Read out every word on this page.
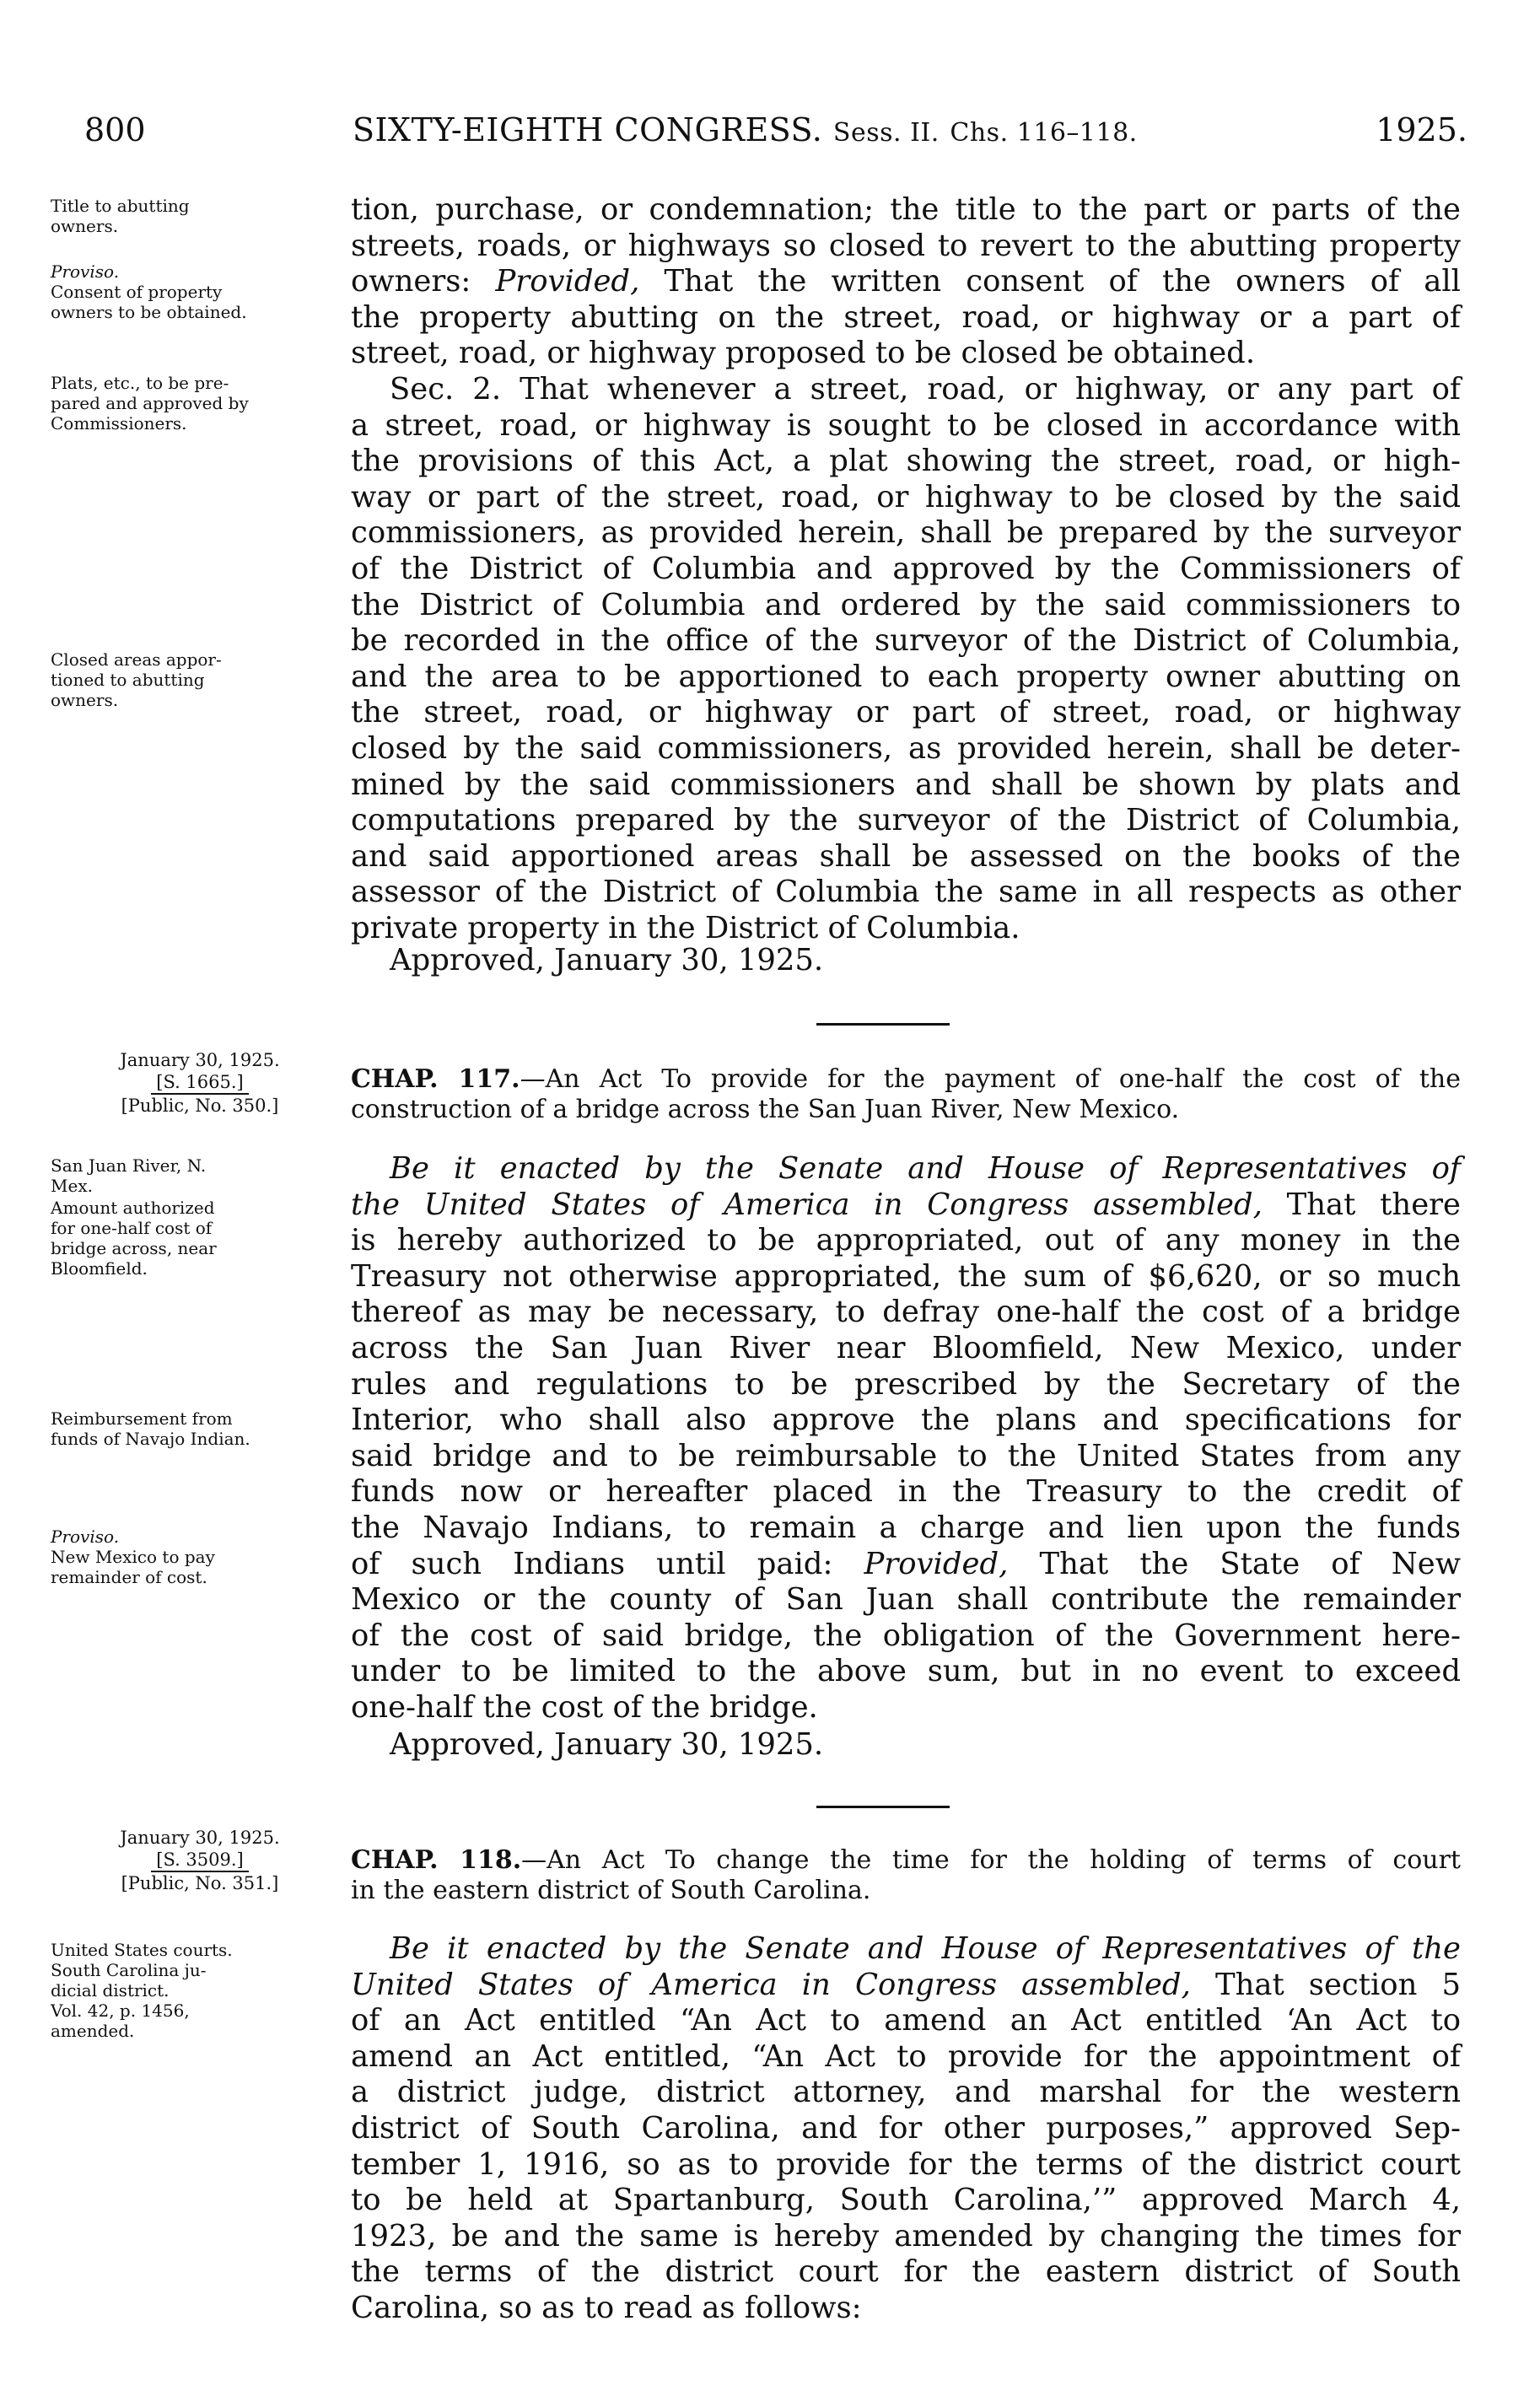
800	SIXTY-EIGHTH CONGRESS. Sess. II. Chs. 116–118.	1925.
Title to abutting
owners.
Proviso.
Consent of property
owners to be obtained.
Plats, etc., to be pre-
pared and approved by
Commissioners.
Closed areas appor-
tioned to abutting
owners.
tion, purchase, or condemnation; the title to the part or parts of the
streets, roads, or highways so closed to revert to the abutting property
owners: Provided, That the written consent of the owners of all
the property abutting on the street, road, or highway or a part of
street, road, or highway proposed to be closed be obtained.
Sec. 2. That whenever a street, road, or highway, or any part of
a street, road, or highway is sought to be closed in accordance with
the provisions of this Act, a plat showing the street, road, or high-
way or part of the street, road, or highway to be closed by the said
commissioners, as provided herein, shall be prepared by the surveyor
of the District of Columbia and approved by the Commissioners of
the District of Columbia and ordered by the said commissioners to
be recorded in the office of the surveyor of the District of Columbia,
and the area to be apportioned to each property owner abutting on
the street, road, or highway or part of street, road, or highway
closed by the said commissioners, as provided herein, shall be deter-
mined by the said commissioners and shall be shown by plats and
computations prepared by the surveyor of the District of Columbia,
and said apportioned areas shall be assessed on the books of the
assessor of the District of Columbia the same in all respects as other
private property in the District of Columbia.
Approved, January 30, 1925.
January 30, 1925.
[S. 1665.]
[Public, No. 350.]
CHAP. 117.—An Act To provide for the payment of one-half the cost of the
construction of a bridge across the San Juan River, New Mexico.
San Juan River, N.
Mex.
Amount authorized
for one-half cost of
bridge across, near
Bloomfield.
Reimbursement from
funds of Navajo Indian.
Proviso.
New Mexico to pay
remainder of cost.
Be it enacted by the Senate and House of Representatives of
the United States of America in Congress assembled, That there
is hereby authorized to be appropriated, out of any money in the
Treasury not otherwise appropriated, the sum of $6,620, or so much
thereof as may be necessary, to defray one-half the cost of a bridge
across the San Juan River near Bloomfield, New Mexico, under
rules and regulations to be prescribed by the Secretary of the
Interior, who shall also approve the plans and specifications for
said bridge and to be reimbursable to the United States from any
funds now or hereafter placed in the Treasury to the credit of
the Navajo Indians, to remain a charge and lien upon the funds
of such Indians until paid: Provided, That the State of New
Mexico or the county of San Juan shall contribute the remainder
of the cost of said bridge, the obligation of the Government here-
under to be limited to the above sum, but in no event to exceed
one-half the cost of the bridge.
Approved, January 30, 1925.
January 30, 1925.
[S. 3509.]
[Public, No. 351.]
CHAP. 118.—An Act To change the time for the holding of terms of court
in the eastern district of South Carolina.
United States courts.
South Carolina ju-
dicial district.
Vol. 42, p. 1456,
amended.
Be it enacted by the Senate and House of Representatives of the
United States of America in Congress assembled, That section 5
of an Act entitled “An Act to amend an Act entitled ‘An Act to
amend an Act entitled, “An Act to provide for the appointment of
a district judge, district attorney, and marshal for the western
district of South Carolina, and for other purposes,” approved Sep-
tember 1, 1916, so as to provide for the terms of the district court
to be held at Spartanburg, South Carolina,’” approved March 4,
1923, be and the same is hereby amended by changing the times for
the terms of the district court for the eastern district of South
Carolina, so as to read as follows:
